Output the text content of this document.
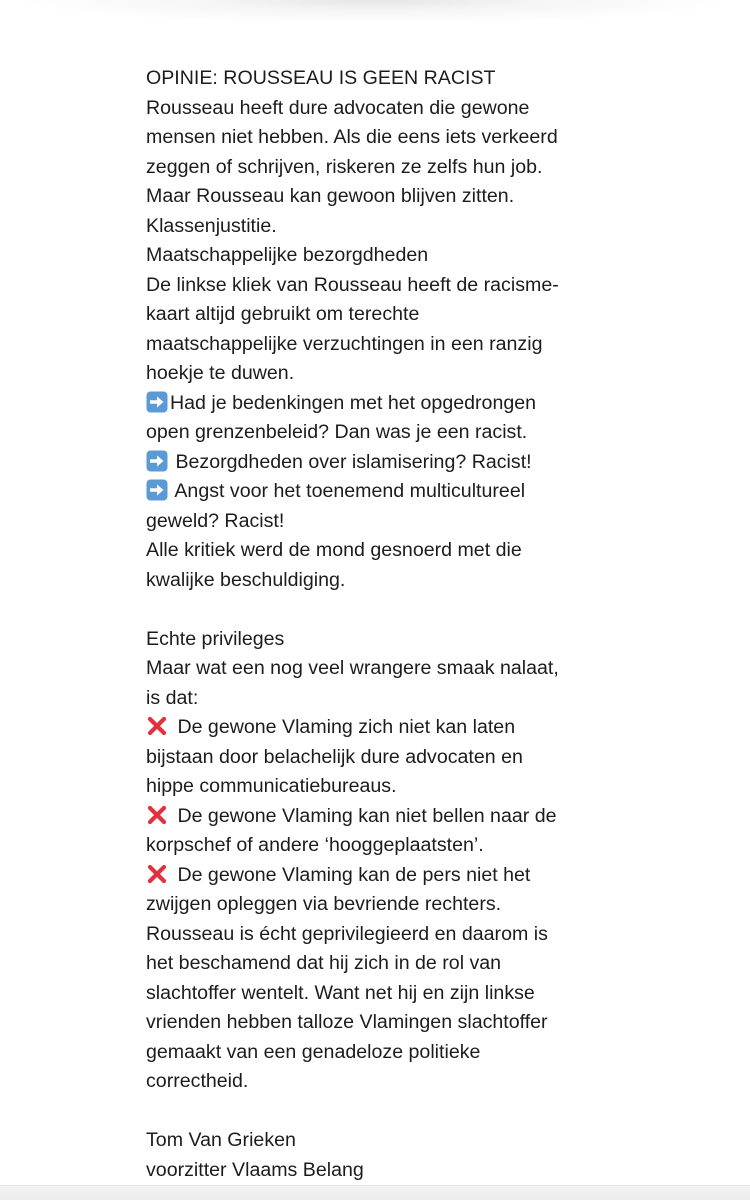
OPINIE: ROUSSEAU IS GEEN RACIST
Rousseau heeft dure advocaten die gewone
mensen niet hebben. Als die eens iets verkeerd
zeggen of schrijven, riskeren ze zelfs hun job.
Maar Rousseau kan gewoon blijven zitten.
Klassenjustitie.
Maatschappelijke bezorgdheden
De linkse kliek van Rousseau heeft de racisme-
kaart altijd gebruikt om terechte
maatschappelijke verzuchtingen in een ranzig
hoekje te duwen.
Had je bedenkingen met het opgedrongen
open grenzenbeleid? Dan was je een racist.
Bezorgdheden over islamisering? Racist!
Angst voor het toenemend multicultureel
geweld? Racist!
Alle kritiek werd de mond gesnoerd met die
kwalijke beschuldiging.
Echte privileges
Maar wat een nog veel wrangere smaak nalaat,
is dat:
De gewone Vlaming zich niet kan laten
bijstaan door belachelijk dure advocaten en
hippe communicatiebureaus.
De gewone Vlaming kan niet bellen naar de
korpschef of andere ‘hooggeplaatsten’.
De gewone Vlaming kan de pers niet het
zwijgen opleggen via bevriende rechters.
Rousseau is écht geprivilegieerd en daarom is
het beschamend dat hij zich in de rol van
slachtoffer wentelt. Want net hij en zijn linkse
vrienden hebben talloze Vlamingen slachtoffer
gemaakt van een genadeloze politieke
correctheid.
Tom Van Grieken
voorzitter Vlaams Belang
